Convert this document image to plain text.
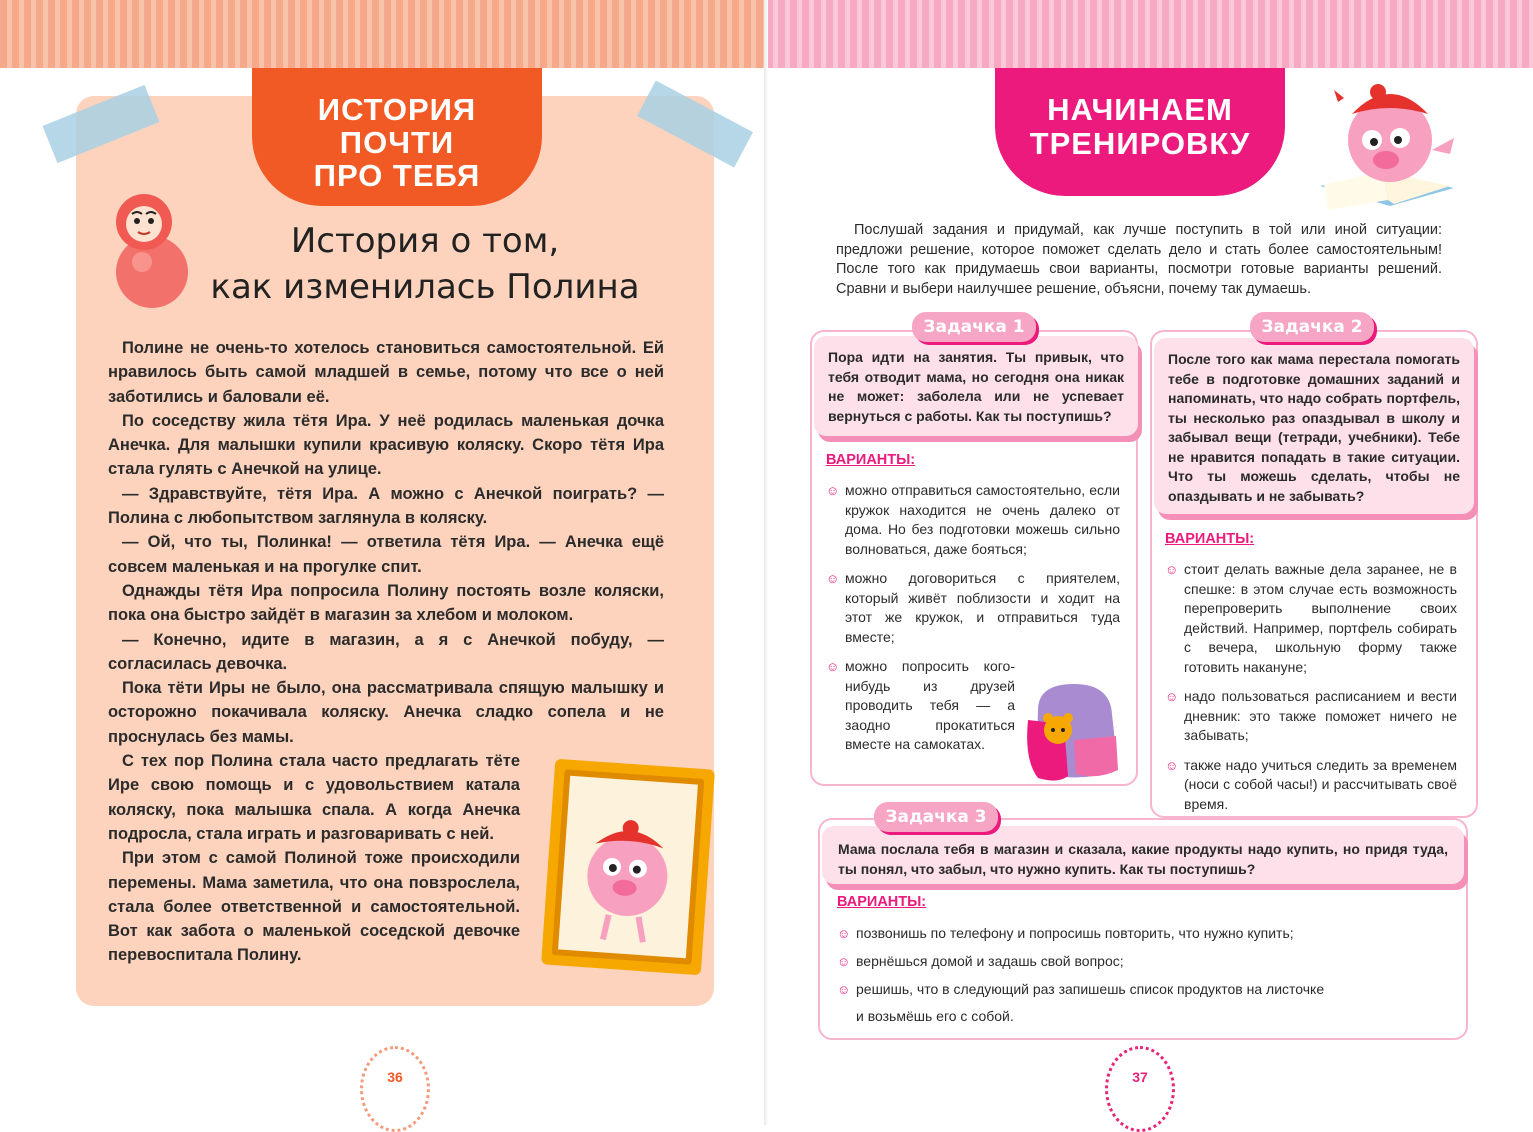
ИСТОРИЯ
ПОЧТИ
ПРО ТЕБЯ
История о том,
как изменилась Полина

Полине не очень-то хотелось становиться самостоятельной. Ей нравилось быть самой младшей в семье, потому что все о ней заботились и баловали её.

По соседству жила тётя Ира. У неё родилась маленькая дочка Анечка. Для малышки купили красивую коляску. Скоро тётя Ира стала гулять с Анечкой на улице.

— Здравствуйте, тётя Ира. А можно с Анечкой поиграть? — Полина с любопытством заглянула в коляску.

— Ой, что ты, Полинка! — ответила тётя Ира. — Анечка ещё совсем маленькая и на прогулке спит.

Однажды тётя Ира попросила Полину постоять возле коляски, пока она быстро зайдёт в магазин за хлебом и молоком.

— Конечно, идите в магазин, а я с Анечкой побуду, — согласилась девочка.

Пока тёти Иры не было, она рассматривала спящую малышку и осторожно покачивала коляску. Анечка сладко сопела и не проснулась без мамы.

С тех пор Полина стала часто предлагать тёте Ире свою помощь и с удовольствием катала коляску, пока малышка спала. А когда Анечка подросла, стала играть и разговаривать с ней.

При этом с самой Полиной тоже происходили перемены. Мама заметила, что она повзрослела, стала более ответственной и самостоятельной. Вот как забота о маленькой соседской девочке перевоспитала Полину.

36
НАЧИНАЕМ
ТРЕНИРОВКУ
Послушай задания и придумай, как лучше поступить в той или иной ситуации: предложи решение, которое поможет сделать дело и стать более самостоятельным! После того как придумаешь свои варианты, посмотри готовые варианты решений. Сравни и выбери наилучшее решение, объясни, почему так думаешь.
Пора идти на занятия. Ты привык, что тебя отводит мама, но сегодня она никак не может: заболела или не успевает вернуться с работы. Как ты поступишь?
Задачка 1
ВАРИАНТЫ:
☺ можно отправиться самостоятельно, если кружок находится не очень далеко от дома. Но без подготовки можешь сильно волноваться, даже бояться;
☺ можно договориться с приятелем, который живёт поблизости и ходит на этот же кружок, и отправиться туда вместе;
☺ можно попросить кого-нибудь из друзей проводить тебя — а заодно прокатиться вместе на самокатах.
После того как мама перестала помогать тебе в подготовке домашних заданий и напоминать, что надо собрать портфель, ты несколько раз опаздывал в школу и забывал вещи (тетради, учебники). Тебе не нравится попадать в такие ситуации. Что ты можешь сделать, чтобы не опаздывать и не забывать?
Задачка 2
ВАРИАНТЫ:
☺ стоит делать важные дела заранее, не в спешке: в этом случае есть возможность перепроверить выполнение своих действий. Например, портфель собирать с вечера, школьную форму также готовить накануне;
☺ надо пользоваться расписанием и вести дневник: это также поможет ничего не забывать;
☺ также надо учиться следить за временем (носи с собой часы!) и рассчитывать своё время.
Мама послала тебя в магазин и сказала, какие продукты надо купить, но придя туда, ты понял, что забыл, что нужно купить. Как ты поступишь?
Задачка 3
ВАРИАНТЫ:
☺ позвонишь по телефону и попросишь повторить, что нужно купить;
☺ вернёшься домой и задашь свой вопрос;
☺ решишь, что в следующий раз запишешь список продуктов на листочке
и возьмёшь его с собой.
37
